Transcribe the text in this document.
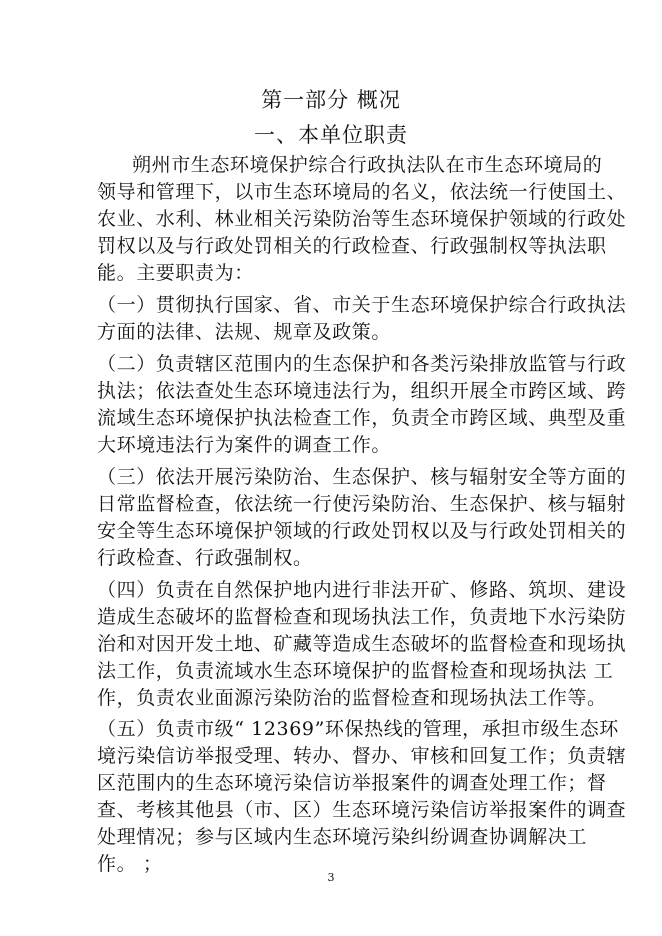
第一部分 概况
一、本单位职责
朔州市生态环境保护综合行政执法队在市生态环境局的
领导和管理下，以市生态环境局的名义，依法统一行使国土、
农业、水利、林业相关污染防治等生态环境保护领域的行政处
罚权以及与行政处罚相关的行政检查、行政强制权等执法职
能。主要职责为：
（一）贯彻执行国家、省、市关于生态环境保护综合行政执法
方面的法律、法规、规章及政策。
（二）负责辖区范围内的生态保护和各类污染排放监管与行政
执法；依法查处生态环境违法行为，组织开展全市跨区域、跨
流域生态环境保护执法检查工作，负责全市跨区域、典型及重
大环境违法行为案件的调查工作。
（三）依法开展污染防治、生态保护、核与辐射安全等方面的
日常监督检查，依法统一行使污染防治、生态保护、核与辐射
安全等生态环境保护领域的行政处罚权以及与行政处罚相关的
行政检查、行政强制权。
（四）负责在自然保护地内进行非法开矿、修路、筑坝、建设
造成生态破坏的监督检查和现场执法工作，负责地下水污染防
治和对因开发土地、矿藏等造成生态破坏的监督检查和现场执
法工作，负责流域水生态环境保护的监督检查和现场执法 工
作，负责农业面源污染防治的监督检查和现场执法工作等。
（五）负责市级“ 12369”环保热线的管理，承担市级生态环
境污染信访举报受理、转办、督办、审核和回复工作；负责辖
区范围内的生态环境污染信访举报案件的调查处理工作；督
查、考核其他县（市、区）生态环境污染信访举报案件的调查
处理情况；参与区域内生态环境污染纠纷调查协调解决工
作。 ；
3
